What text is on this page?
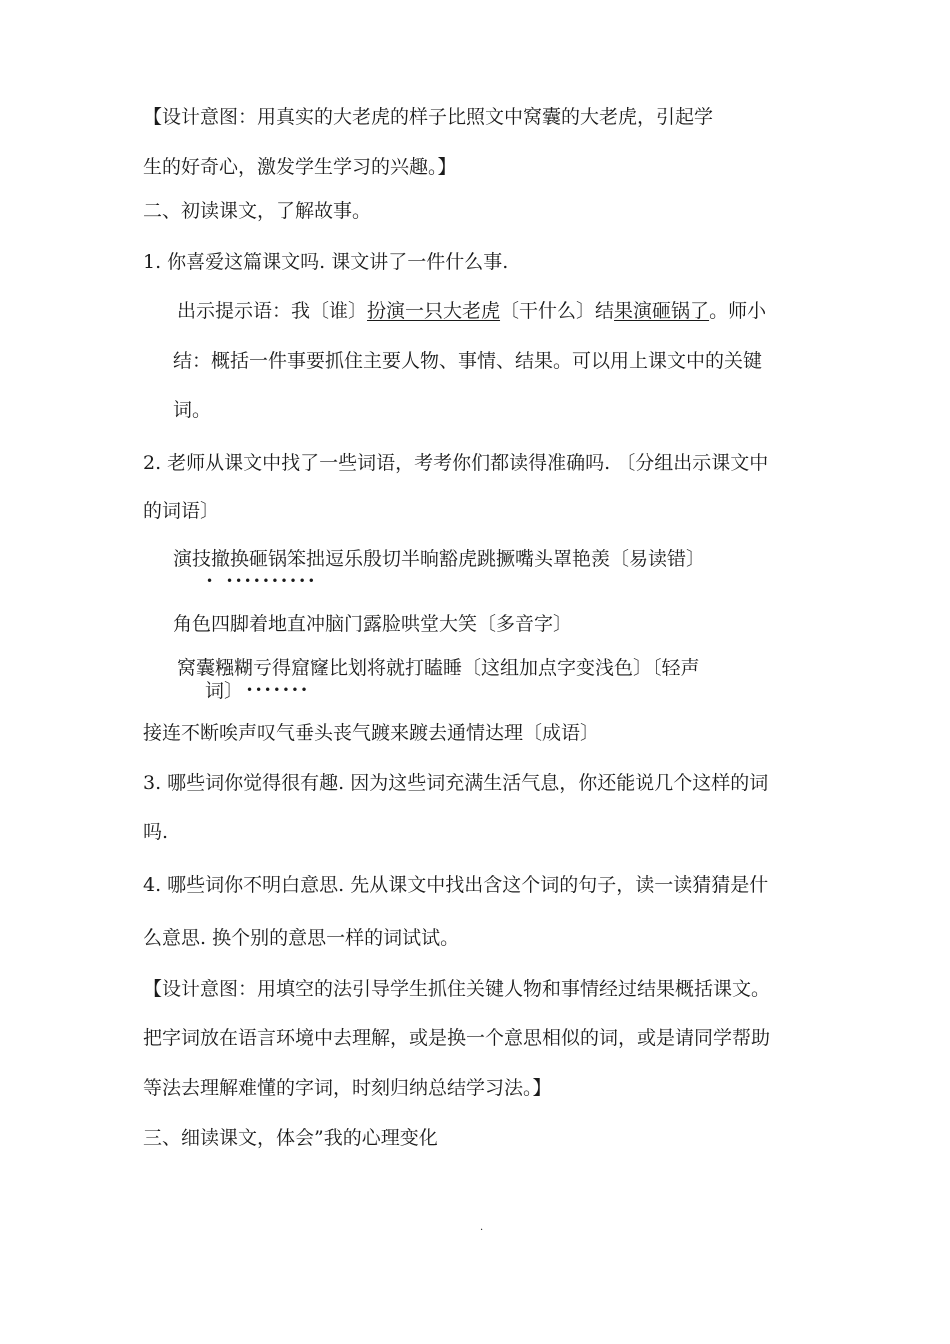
【设计意图：用真实的大老虎的样子比照文中窝囊的大老虎，引起学
生的好奇心，激发学生学习的兴趣。】
二、初读课文，了解故事。
1. 你喜爱这篇课文吗. 课文讲了一件什么事.
出示提示语：我〔谁〕扮演一只大老虎〔干什么〕结果演砸锅了。师小
结：概括一件事要抓住主要人物、事情、结果。可以用上课文中的关键
词。
2. 老师从课文中找了一些词语，考考你们都读得准确吗. 〔分组出示课文中
的词语〕
演技撤换砸锅笨拙逗乐殷切半晌豁虎跳撅嘴头罩艳羡〔易读错〕
• ••••••••••
角色四脚着地直冲脑门露脸哄堂大笑〔多音字〕
窝囊糨糊亏得窟窿比划将就打瞌睡〔这组加点字变浅色〕〔轻声
词〕 •••••••
接连不断唉声叹气垂头丧气踱来踱去通情达理〔成语〕
3. 哪些词你觉得很有趣. 因为这些词充满生活气息，你还能说几个这样的词
吗.
4. 哪些词你不明白意思. 先从课文中找出含这个词的句子，读一读猜猜是什
么意思. 换个别的意思一样的词试试。
【设计意图：用填空的法引导学生抓住关键人物和事情经过结果概括课文。
把字词放在语言环境中去理解，或是换一个意思相似的词，或是请同学帮助
等法去理解难懂的字词，时刻归纳总结学习法。】
三、细读课文，体会”我的心理变化
.
